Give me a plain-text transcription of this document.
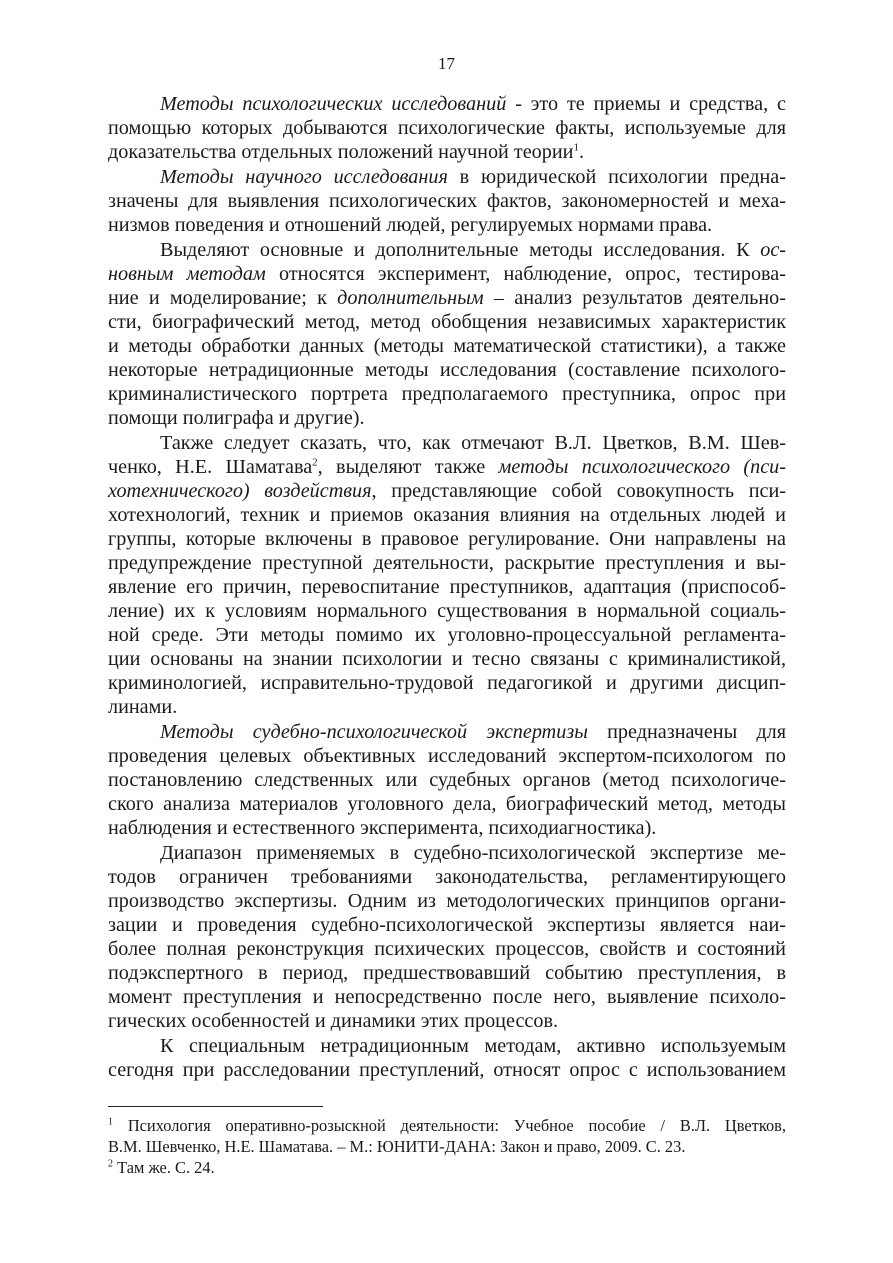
17
Методы психологических исследований - это те приемы и средства, с
помощью которых добываются психологические факты, используемые для
доказательства отдельных положений научной теории$^1$.
Методы научного исследования в юридической психологии предна-
значены для выявления психологических фактов, закономерностей и меха-
низмов поведения и отношений людей, регулируемых нормами права.
Выделяют основные и дополнительные методы исследования. К ос-
новным методам относятся эксперимент, наблюдение, опрос, тестирова-
ние и моделирование; к дополнительным – анализ результатов деятельно-
сти, биографический метод, метод обобщения независимых характеристик
и методы обработки данных (методы математической статистики), а также
некоторые нетрадиционные методы исследования (составление психолого-
криминалистического портрета предполагаемого преступника, опрос при
помощи полиграфа и другие).
Также следует сказать, что, как отмечают В.Л. Цветков, В.М. Шев-
ченко, Н.Е. Шаматава$^2$, выделяют также методы психологического (пси-
хотехнического) воздействия, представляющие собой совокупность пси-
хотехнологий, техник и приемов оказания влияния на отдельных людей и
группы, которые включены в правовое регулирование. Они направлены на
предупреждение преступной деятельности, раскрытие преступления и вы-
явление его причин, перевоспитание преступников, адаптация (приспособ-
ление) их к условиям нормального существования в нормальной социаль-
ной среде. Эти методы помимо их уголовно-процессуальной регламента-
ции основаны на знании психологии и тесно связаны с криминалистикой,
криминологией, исправительно-трудовой педагогикой и другими дисцип-
линами.
Методы судебно-психологической экспертизы предназначены для
проведения целевых объективных исследований экспертом-психологом по
постановлению следственных или судебных органов (метод психологиче-
ского анализа материалов уголовного дела, биографический метод, методы
наблюдения и естественного эксперимента, психодиагностика).
Диапазон применяемых в судебно-психологической экспертизе ме-
тодов ограничен требованиями законодательства, регламентирующего
производство экспертизы. Одним из методологических принципов органи-
зации и проведения судебно-психологической экспертизы является наи-
более полная реконструкция психических процессов, свойств и состояний
подэкспертного в период, предшествовавший событию преступления, в
момент преступления и непосредственно после него, выявление психоло-
гических особенностей и динамики этих процессов.
К специальным нетрадиционным методам, активно используемым
сегодня при расследовании преступлений, относят опрос с использованием
$^1$ Психология оперативно-розыскной деятельности: Учебное пособие / В.Л. Цветков,
В.М. Шевченко, Н.Е. Шаматава. – М.: ЮНИТИ-ДАНА: Закон и право, 2009. С. 23.
$^2$ Там же. С. 24.
